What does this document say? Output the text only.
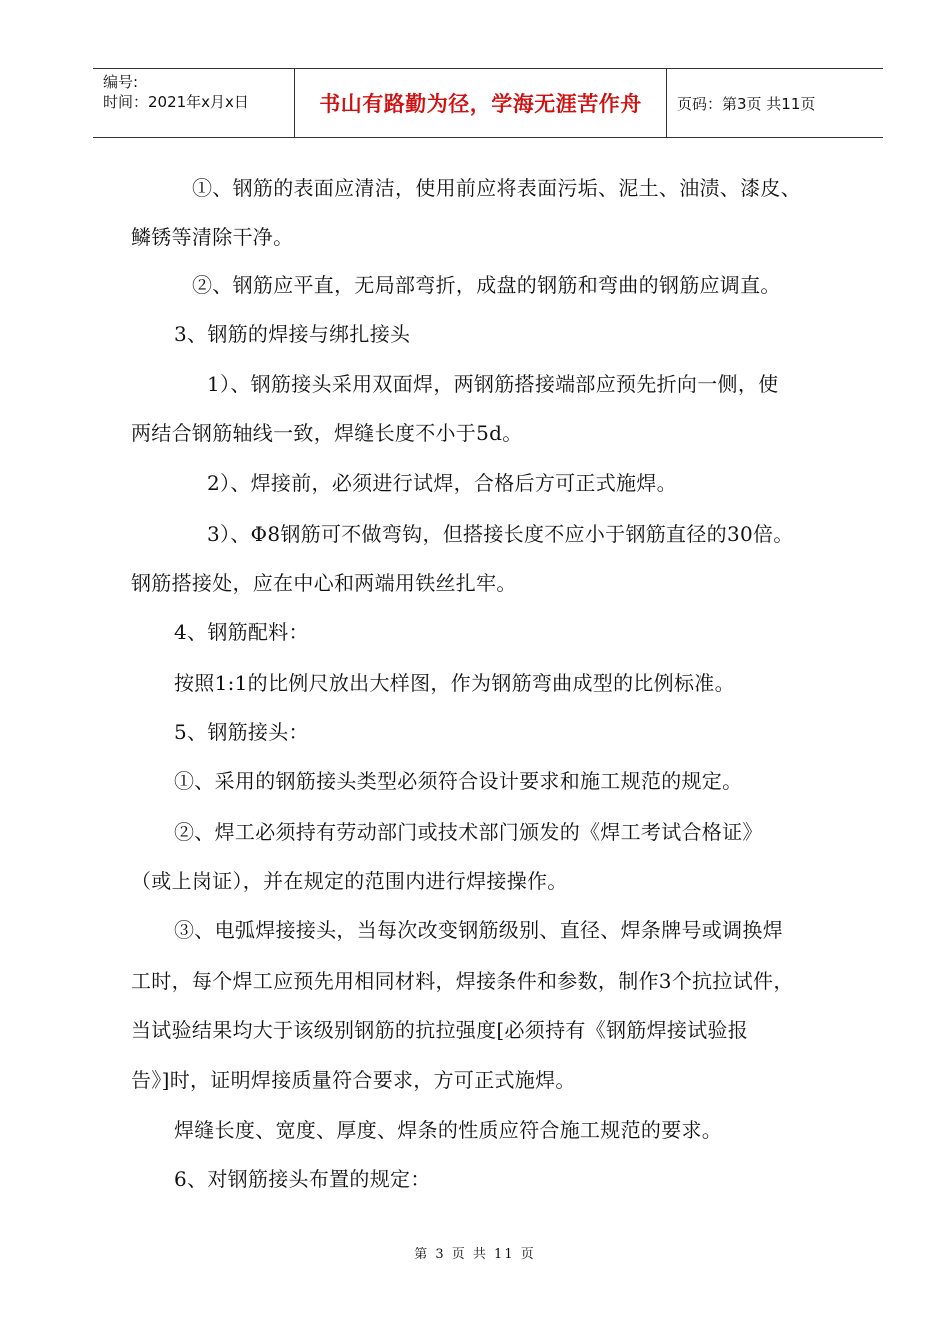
编号:
时间：2021年x月x日	书山有路勤为径，学海无涯苦作舟	页码：第3页 共11页
①、钢筋的表面应清洁，使用前应将表面污垢、泥土、油渍、漆皮、
鳞锈等清除干净。
②、钢筋应平直，无局部弯折，成盘的钢筋和弯曲的钢筋应调直。
3、钢筋的焊接与绑扎接头
1）、钢筋接头采用双面焊，两钢筋搭接端部应预先折向一侧，使
两结合钢筋轴线一致，焊缝长度不小于5d。
2）、焊接前，必须进行试焊，合格后方可正式施焊。
3）、Φ8钢筋可不做弯钩，但搭接长度不应小于钢筋直径的30倍。
钢筋搭接处，应在中心和两端用铁丝扎牢。
4、钢筋配料：
按照1:1的比例尺放出大样图，作为钢筋弯曲成型的比例标准。
5、钢筋接头：
①、采用的钢筋接头类型必须符合设计要求和施工规范的规定。
②、焊工必须持有劳动部门或技术部门颁发的《焊工考试合格证》
（或上岗证），并在规定的范围内进行焊接操作。
③、电弧焊接接头，当每次改变钢筋级别、直径、焊条牌号或调换焊
工时，每个焊工应预先用相同材料，焊接条件和参数，制作3个抗拉试件，
当试验结果均大于该级别钢筋的抗拉强度[必须持有《钢筋焊接试验报
告》]时，证明焊接质量符合要求，方可正式施焊。
焊缝长度、宽度、厚度、焊条的性质应符合施工规范的要求。
6、对钢筋接头布置的规定：
第 3 页 共 11 页
